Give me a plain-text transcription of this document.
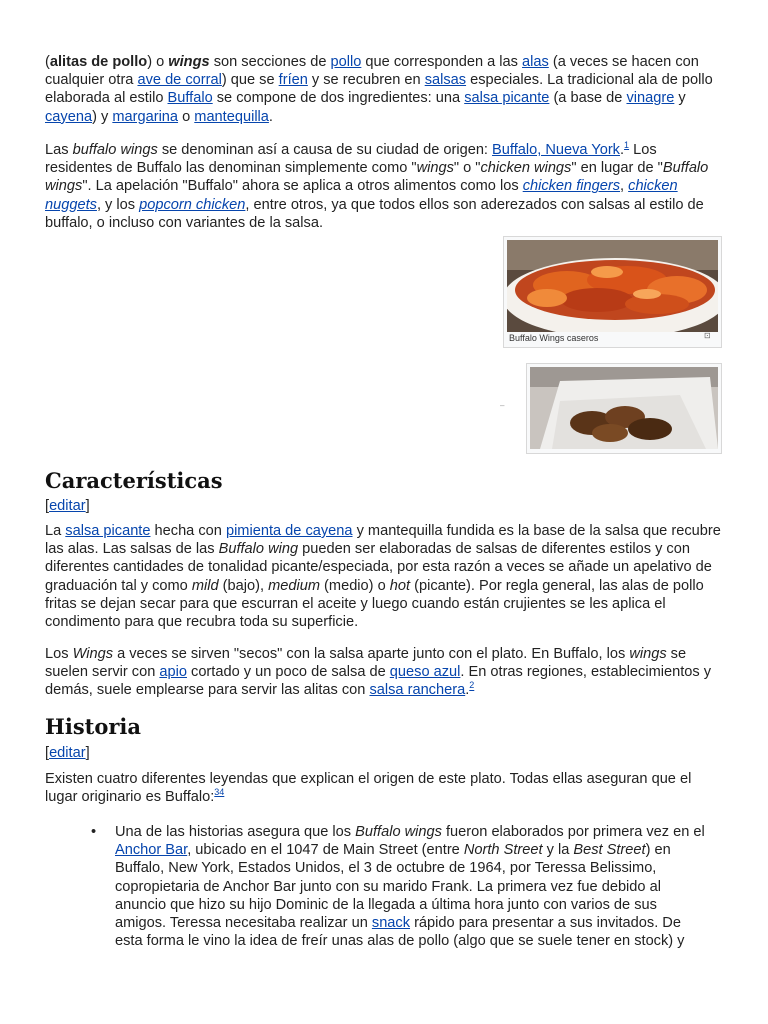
(alitas de pollo) o wings son secciones de pollo que corresponden a las alas (a veces se hacen con cualquier otra ave de corral) que se fríen y se recubren en salsas especiales. La tradicional ala de pollo elaborada al estilo Buffalo se compone de dos ingredientes: una salsa picante (a base de vinagre y cayena) y margarina o mantequilla.

Las buffalo wings se denominan así a causa de su ciudad de origen: Buffalo, Nueva York.$^1$ Los residentes de Buffalo las denominan simplemente como "wings" o "chicken wings" en lugar de "Buffalo wings". La apelación "Buffalo" ahora se aplica a otros alimentos como los chicken fingers, chicken nuggets, y los popcorn chicken, entre otros, ya que todos ellos son aderezados con salsas al estilo de buffalo, o incluso con variantes de la salsa.

Buffalo Wings caseros	⊡
–
Características
[editar]

La salsa picante hecha con pimienta de cayena y mantequilla fundida es la base de la salsa que recubre las alas. Las salsas de las Buffalo wing pueden ser elaboradas de salsas de diferentes estilos y con diferentes cantidades de tonalidad picante/especiada, por esta razón a veces se añade un apelativo de graduación tal y como mild (bajo), medium (medio) o hot (picante). Por regla general, las alas de pollo fritas se dejan secar para que escurran el aceite y luego cuando están crujientes se les aplica el condimento para que recubra toda su superficie.

Los Wings a veces se sirven "secos" con la salsa aparte junto con el plato. En Buffalo, los wings se suelen servir con apio cortado y un poco de salsa de queso azul. En otras regiones, establecimientos y demás, suele emplearse para servir las alitas con salsa ranchera.$^2$

Historia
[editar]

Existen cuatro diferentes leyendas que explican el origen de este plato. Todas ellas aseguran que el lugar originario es Buffalo:$^{34}$

• Una de las historias asegura que los Buffalo wings fueron elaborados por primera vez en el Anchor Bar, ubicado en el 1047 de Main Street (entre North Street y la Best Street) en Buffalo, New York, Estados Unidos, el 3 de octubre de 1964, por Teressa Belissimo, copropietaria de Anchor Bar junto con su marido Frank. La primera vez fue debido al anuncio que hizo su hijo Dominic de la llegada a última hora junto con varios de sus amigos. Teressa necesitaba realizar un snack rápido para presentar a sus invitados. De esta forma le vino la idea de freír unas alas de pollo (algo que se suele tener en stock) y
